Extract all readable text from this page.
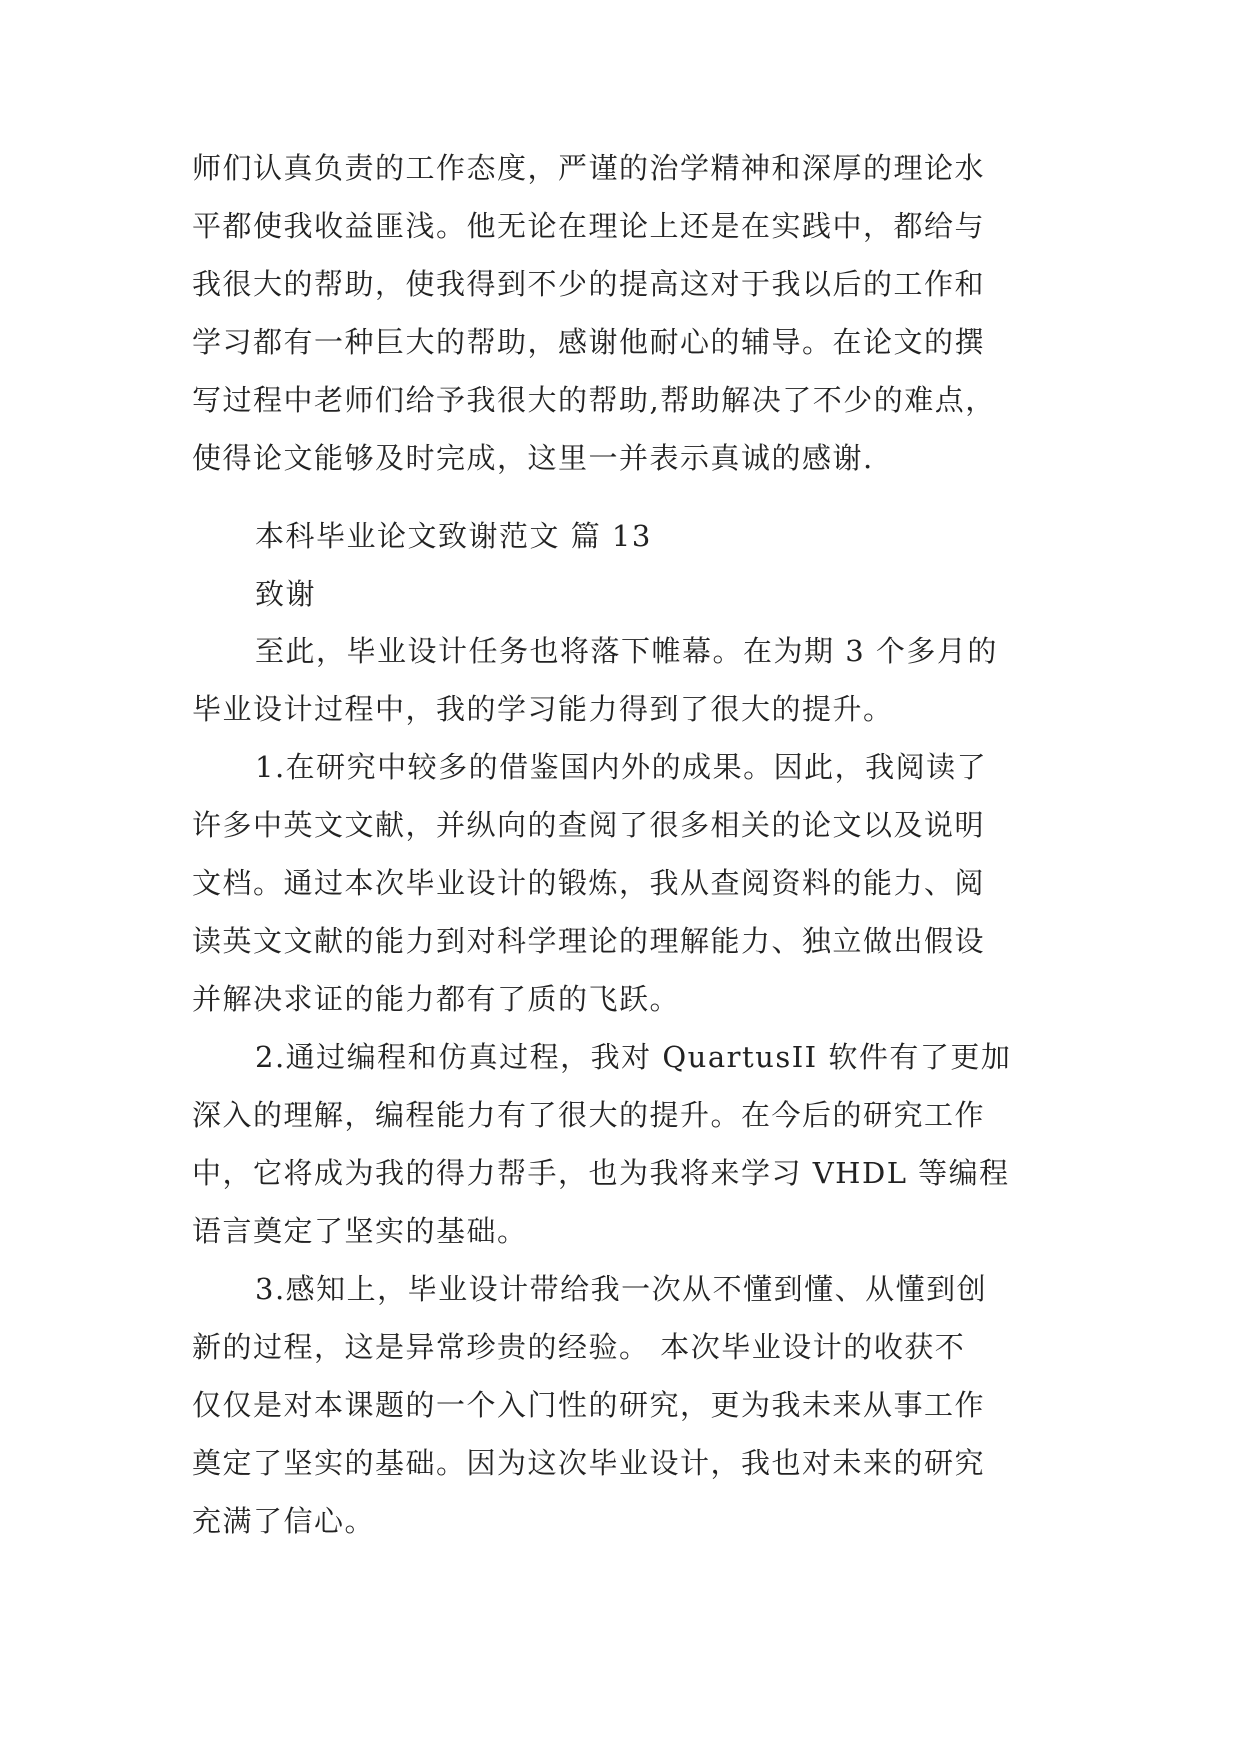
师们认真负责的工作态度，严谨的治学精神和深厚的理论水
平都使我收益匪浅。他无论在理论上还是在实践中，都给与
我很大的帮助，使我得到不少的提高这对于我以后的工作和
学习都有一种巨大的帮助，感谢他耐心的辅导。在论文的撰
写过程中老师们给予我很大的帮助,帮助解决了不少的难点，
使得论文能够及时完成，这里一并表示真诚的感谢.
本科毕业论文致谢范文 篇 13
致谢
至此，毕业设计任务也将落下帷幕。在为期 3 个多月的
毕业设计过程中，我的学习能力得到了很大的提升。
1.在研究中较多的借鉴国内外的成果。因此，我阅读了
许多中英文文献，并纵向的查阅了很多相关的论文以及说明
文档。通过本次毕业设计的锻炼，我从查阅资料的能力、阅
读英文文献的能力到对科学理论的理解能力、独立做出假设
并解决求证的能力都有了质的飞跃。
2.通过编程和仿真过程，我对 QuartusII 软件有了更加
深入的理解，编程能力有了很大的提升。在今后的研究工作
中，它将成为我的得力帮手，也为我将来学习 VHDL 等编程
语言奠定了坚实的基础。
3.感知上，毕业设计带给我一次从不懂到懂、从懂到创
新的过程，这是异常珍贵的经验。 本次毕业设计的收获不
仅仅是对本课题的一个入门性的研究，更为我未来从事工作
奠定了坚实的基础。因为这次毕业设计，我也对未来的研究
充满了信心。
